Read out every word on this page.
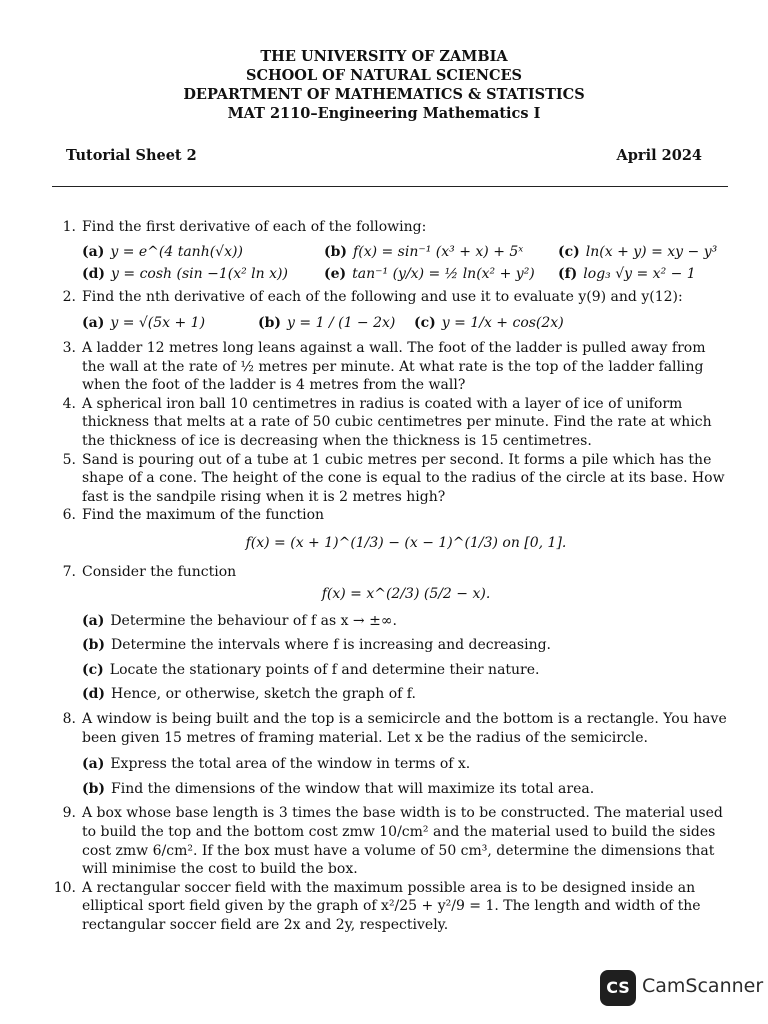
THE UNIVERSITY OF ZAMBIA
SCHOOL OF NATURAL SCIENCES
DEPARTMENT OF MATHEMATICS & STATISTICS
MAT 2110–Engineering Mathematics I
Tutorial Sheet 2	April 2024
1. Find the first derivative of each of the following:
(a) y = e^(4 tanh(√x))	(b) f(x) = sin⁻¹ (x³ + x) + 5ˣ	(c) ln(x + y) = xy − y³
(d) y = cosh (sin −1(x² ln x))	(e) tan⁻¹ (y/x) = ½ ln(x² + y²)	(f) log₃ √y = x² − 1
2. Find the nth derivative of each of the following and use it to evaluate y(9) and y(12):
(a) y = √(5x + 1)	(b) y = 1 / (1 − 2x)	(c) y = 1/x + cos(2x)
3. A ladder 12 metres long leans against a wall. The foot of the ladder is pulled away from the wall at the rate of ½ metres per minute. At what rate is the top of the ladder falling when the foot of the ladder is 4 metres from the wall?
4. A spherical iron ball 10 centimetres in radius is coated with a layer of ice of uniform thickness that melts at a rate of 50 cubic centimetres per minute. Find the rate at which the thickness of ice is decreasing when the thickness is 15 centimetres.
5. Sand is pouring out of a tube at 1 cubic metres per second. It forms a pile which has the shape of a cone. The height of the cone is equal to the radius of the circle at its base. How fast is the sandpile rising when it is 2 metres high?
6. Find the maximum of the function
f(x) = (x + 1)^(1/3) − (x − 1)^(1/3) on [0, 1].
7. Consider the function
f(x) = x^(2/3) (5/2 − x).
(a) Determine the behaviour of f as x → ±∞.
(b) Determine the intervals where f is increasing and decreasing.
(c) Locate the stationary points of f and determine their nature.
(d) Hence, or otherwise, sketch the graph of f.
8. A window is being built and the top is a semicircle and the bottom is a rectangle. You have been given 15 metres of framing material. Let x be the radius of the semicircle.
(a) Express the total area of the window in terms of x.
(b) Find the dimensions of the window that will maximize its total area.
9. A box whose base length is 3 times the base width is to be constructed. The material used to build the top and the bottom cost zmw 10/cm² and the material used to build the sides cost zmw 6/cm². If the box must have a volume of 50 cm³, determine the dimensions that will minimise the cost to build the box.
10. A rectangular soccer field with the maximum possible area is to be designed inside an elliptical sport field given by the graph of x²/25 + y²/9 = 1. The length and width of the rectangular soccer field are 2x and 2y, respectively.
CS CamScanner
